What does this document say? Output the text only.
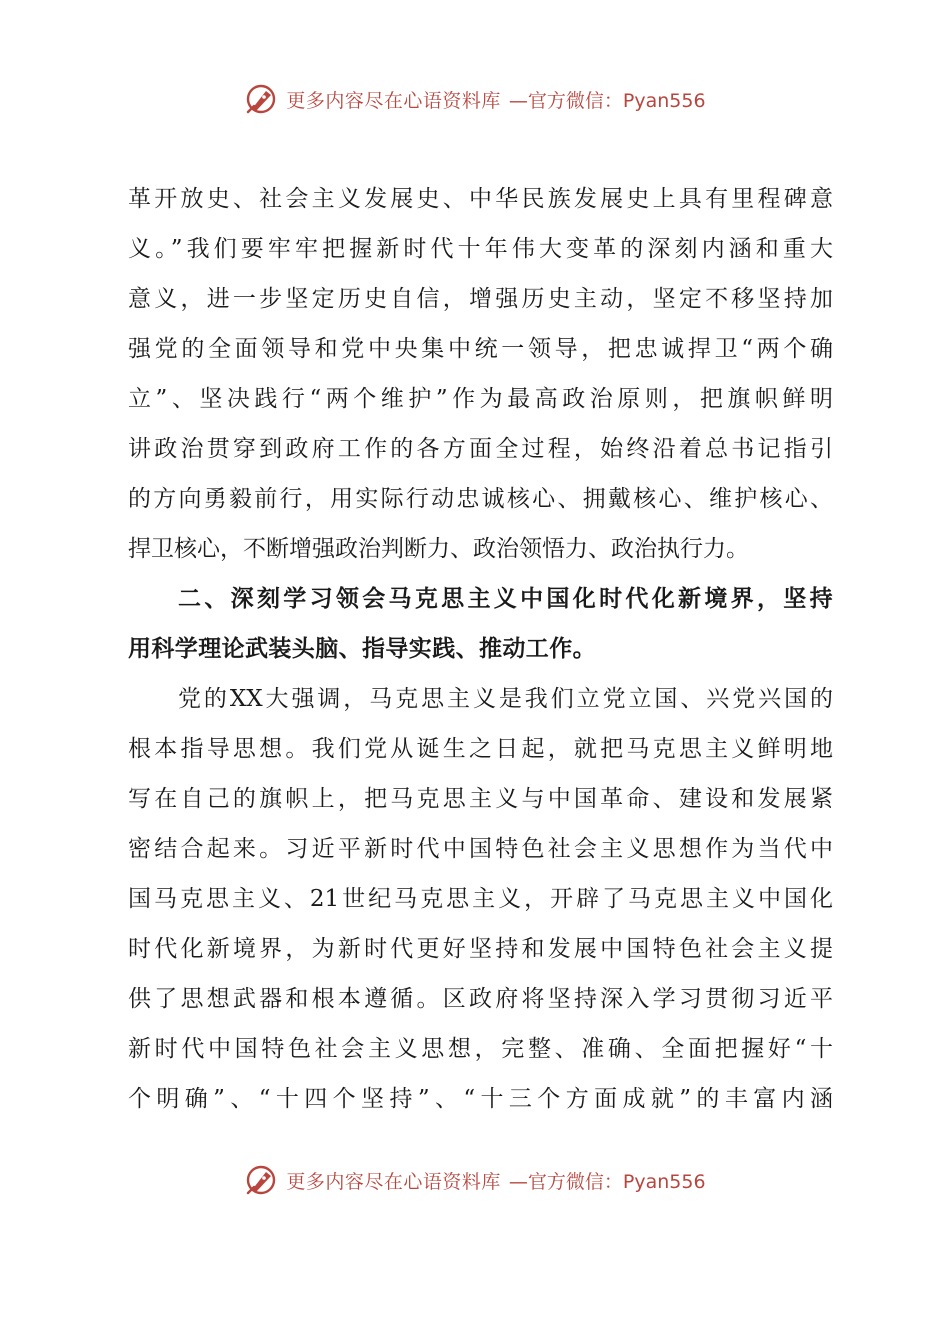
更多内容尽在心语资料库 —官方微信：Pyan556
革开放史、社会主义发展史、中华民族发展史上具有里程碑意
义。”我们要牢牢把握新时代十年伟大变革的深刻内涵和重大
意义，进一步坚定历史自信，增强历史主动，坚定不移坚持加
强党的全面领导和党中央集中统一领导，把忠诚捍卫“两个确
立”、坚决践行“两个维护”作为最高政治原则，把旗帜鲜明
讲政治贯穿到政府工作的各方面全过程，始终沿着总书记指引
的方向勇毅前行，用实际行动忠诚核心、拥戴核心、维护核心、
捍卫核心，不断增强政治判断力、政治领悟力、政治执行力。
二、深刻学习领会马克思主义中国化时代化新境界，坚持
用科学理论武装头脑、指导实践、推动工作。
党的XX大强调，马克思主义是我们立党立国、兴党兴国的
根本指导思想。我们党从诞生之日起，就把马克思主义鲜明地
写在自己的旗帜上，把马克思主义与中国革命、建设和发展紧
密结合起来。习近平新时代中国特色社会主义思想作为当代中
国马克思主义、21世纪马克思主义，开辟了马克思主义中国化
时代化新境界，为新时代更好坚持和发展中国特色社会主义提
供了思想武器和根本遵循。区政府将坚持深入学习贯彻习近平
新时代中国特色社会主义思想，完整、准确、全面把握好“十
个明确”、“十四个坚持”、“十三个方面成就”的丰富内涵
更多内容尽在心语资料库 —官方微信：Pyan556
